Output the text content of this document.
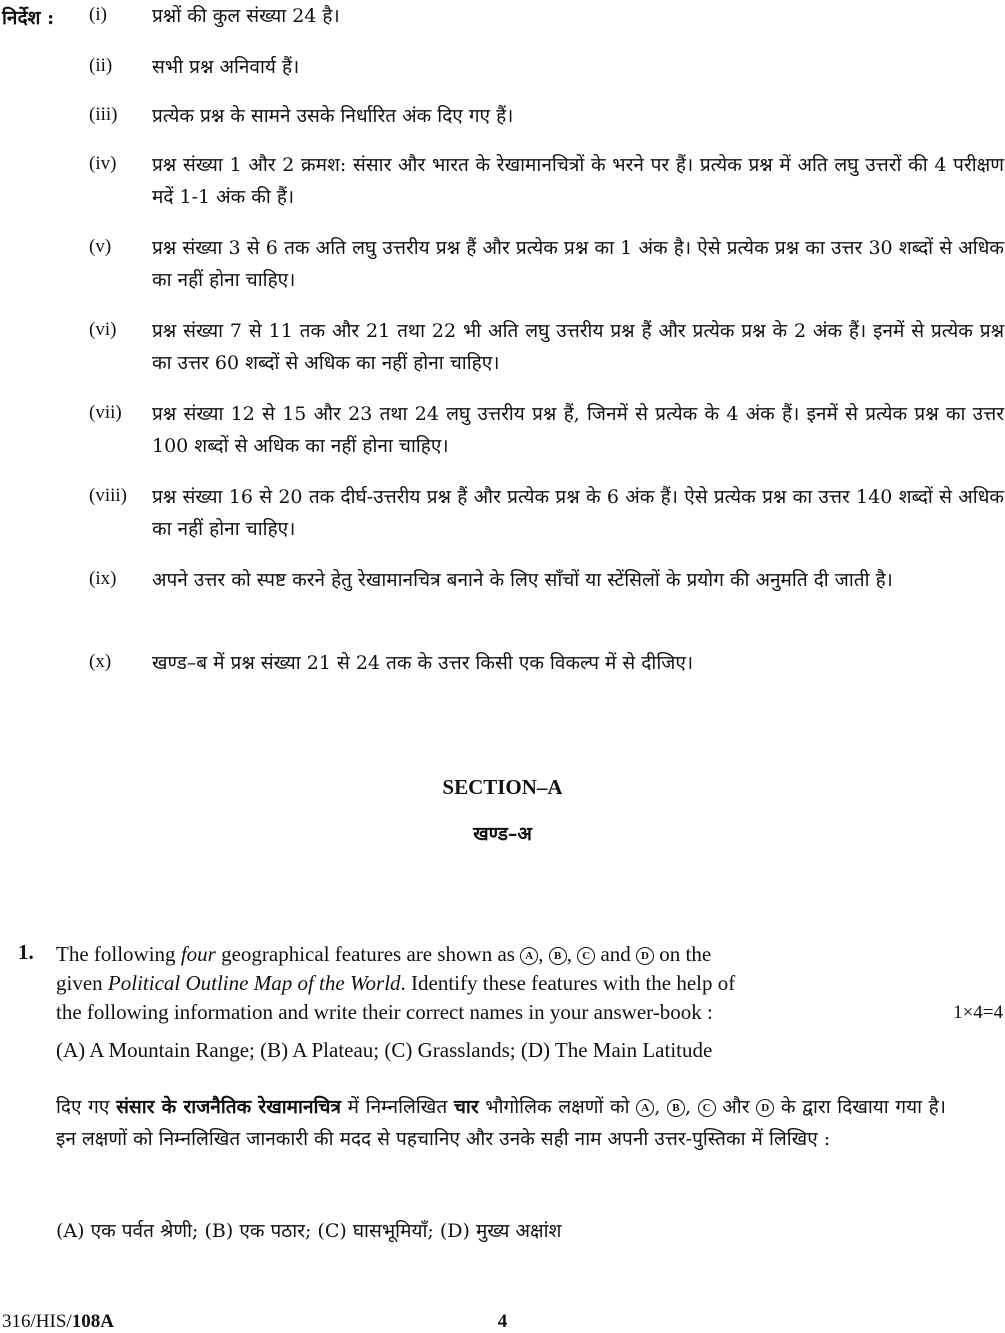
निर्देश : (i) प्रश्नों की कुल संख्या 24 है।
(ii) सभी प्रश्न अनिवार्य हैं।
(iii) प्रत्येक प्रश्न के सामने उसके निर्धारित अंक दिए गए हैं।
(iv) प्रश्न संख्या 1 और 2 क्रमश: संसार और भारत के रेखामानचित्रों के भरने पर हैं। प्रत्येक प्रश्न में अति लघु उत्तरों की 4 परीक्षण मदें 1-1 अंक की हैं।
(v) प्रश्न संख्या 3 से 6 तक अति लघु उत्तरीय प्रश्न हैं और प्रत्येक प्रश्न का 1 अंक है। ऐसे प्रत्येक प्रश्न का उत्तर 30 शब्दों से अधिक का नहीं होना चाहिए।
(vi) प्रश्न संख्या 7 से 11 तक और 21 तथा 22 भी अति लघु उत्तरीय प्रश्न हैं और प्रत्येक प्रश्न के 2 अंक हैं। इनमें से प्रत्येक प्रश्न का उत्तर 60 शब्दों से अधिक का नहीं होना चाहिए।
(vii) प्रश्न संख्या 12 से 15 और 23 तथा 24 लघु उत्तरीय प्रश्न हैं, जिनमें से प्रत्येक के 4 अंक हैं। इनमें से प्रत्येक प्रश्न का उत्तर 100 शब्दों से अधिक का नहीं होना चाहिए।
(viii) प्रश्न संख्या 16 से 20 तक दीर्घ-उत्तरीय प्रश्न हैं और प्रत्येक प्रश्न के 6 अंक हैं। ऐसे प्रत्येक प्रश्न का उत्तर 140 शब्दों से अधिक का नहीं होना चाहिए।
(ix) अपने उत्तर को स्पष्ट करने हेतु रेखामानचित्र बनाने के लिए साँचों या स्टेंसिलों के प्रयोग की अनुमति दी जाती है।
(x) खण्ड–ब में प्रश्न संख्या 21 से 24 तक के उत्तर किसी एक विकल्प में से दीजिए।
SECTION–A
खण्ड–अ
1. The following four geographical features are shown as A , B , C and D on the
given Political Outline Map of the World. Identify these features with the help of
the following information and write their correct names in your answer-book :	1×4=4
(A) A Mountain Range; (B) A Plateau; (C) Grasslands; (D) The Main Latitude
दिए गए संसार के राजनैतिक रेखामानचित्र में निम्नलिखित चार भौगोलिक लक्षणों को A , B , C और D के द्वारा दिखाया गया है। इन लक्षणों को निम्नलिखित जानकारी की मदद से पहचानिए और उनके सही नाम अपनी उत्तर-पुस्तिका में लिखिए :
(A) एक पर्वत श्रेणी; (B) एक पठार; (C) घासभूमियाँ; (D) मुख्य अक्षांश
316/HIS/108A	4
